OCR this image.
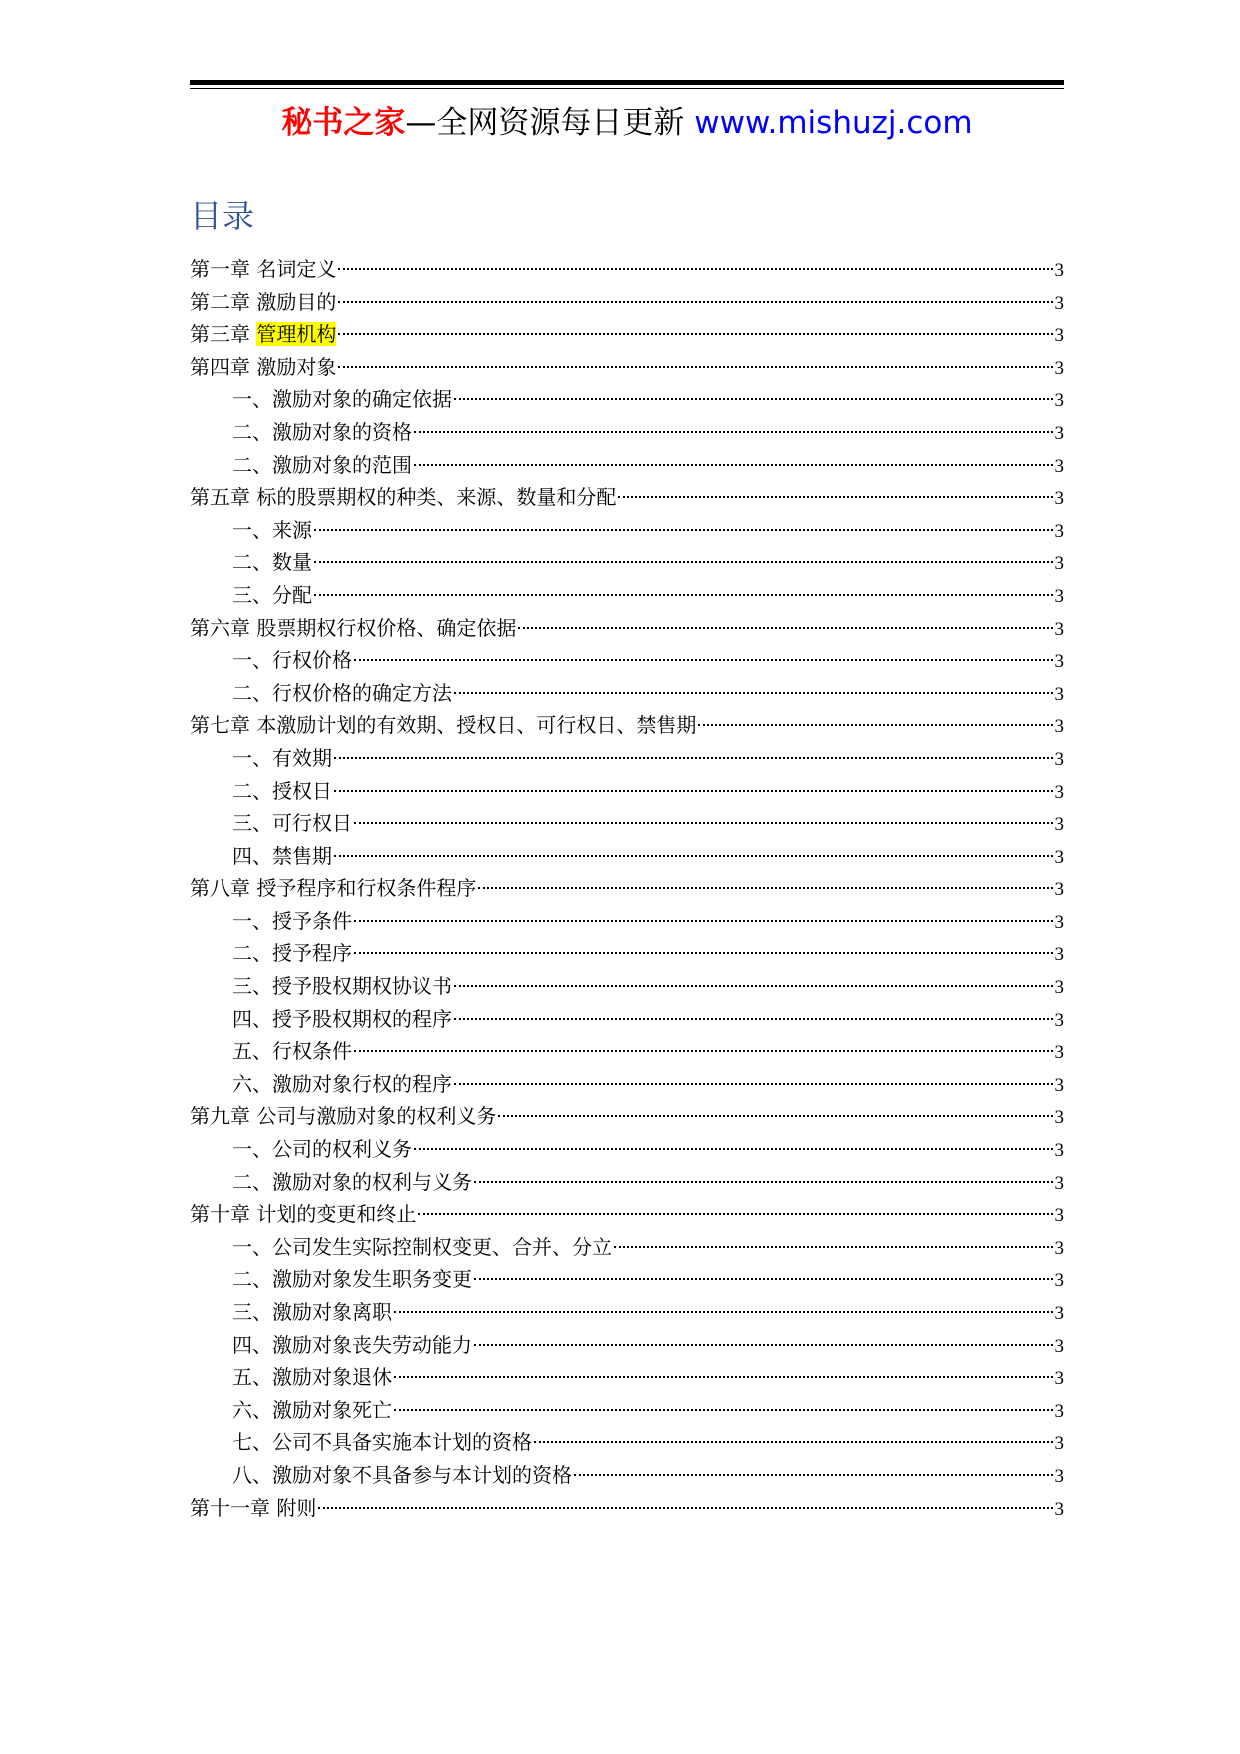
秘书之家—全网资源每日更新 www.mishuzj.com
目录
第一章 名词定义	3
第二章 激励目的	3
第三章 管理机构	3
第四章 激励对象	3
一、激励对象的确定依据	3
二、激励对象的资格	3
二、激励对象的范围	3
第五章 标的股票期权的种类、来源、数量和分配	3
一、来源	3
二、数量	3
三、分配	3
第六章 股票期权行权价格、确定依据	3
一、行权价格	3
二、行权价格的确定方法	3
第七章 本激励计划的有效期、授权日、可行权日、禁售期	3
一、有效期	3
二、授权日	3
三、可行权日	3
四、禁售期	3
第八章 授予程序和行权条件程序	3
一、授予条件	3
二、授予程序	3
三、授予股权期权协议书	3
四、授予股权期权的程序	3
五、行权条件	3
六、激励对象行权的程序	3
第九章 公司与激励对象的权利义务	3
一、公司的权利义务	3
二、激励对象的权利与义务	3
第十章 计划的变更和终止	3
一、公司发生实际控制权变更、合并、分立	3
二、激励对象发生职务变更	3
三、激励对象离职	3
四、激励对象丧失劳动能力	3
五、激励对象退休	3
六、激励对象死亡	3
七、公司不具备实施本计划的资格	3
八、激励对象不具备参与本计划的资格	3
第十一章 附则	3
